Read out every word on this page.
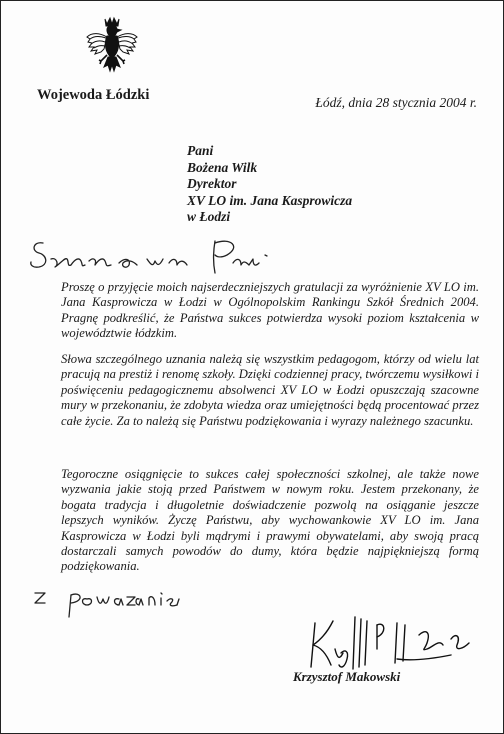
Wojewoda Łódzki	Łódź, dnia 28 stycznia 2004 r.
Pani
Bożena Wilk
Dyrektor
XV LO im. Jana Kasprowicza
w Łodzi

Proszę o przyjęcie moich najserdeczniejszych gratulacji za wyróżnienie XV LO im. Jana Kasprowicza w Łodzi w Ogólnopolskim Rankingu Szkół Średnich 2004. Pragnę podkreślić, że Państwa sukces potwierdza wysoki poziom kształcenia w województwie łódzkim.

Słowa szczególnego uznania należą się wszystkim pedagogom, którzy od wielu lat pracują na prestiż i renomę szkoły. Dzięki codziennej pracy, twórczemu wysiłkowi i poświęceniu pedagogicznemu absolwenci XV LO w Łodzi opuszczają szacowne mury w przekonaniu, że zdobyta wiedza oraz umiejętności będą procentować przez całe życie. Za to należą się Państwu podziękowania i wyrazy należnego szacunku.

Tegoroczne osiągnięcie to sukces całej społeczności szkolnej, ale także nowe wyzwania jakie stoją przed Państwem w nowym roku. Jestem przekonany, że bogata tradycja i długoletnie doświadczenie pozwolą na osiąganie jeszcze lepszych wyników. Życzę Państwu, aby wychowankowie XV LO im. Jana Kasprowicza w Łodzi byli mądrymi i prawymi obywatelami, aby swoją pracą dostarczali samych powodów do dumy, która będzie najpiękniejszą formą podziękowania.

Krzysztof Makowski
